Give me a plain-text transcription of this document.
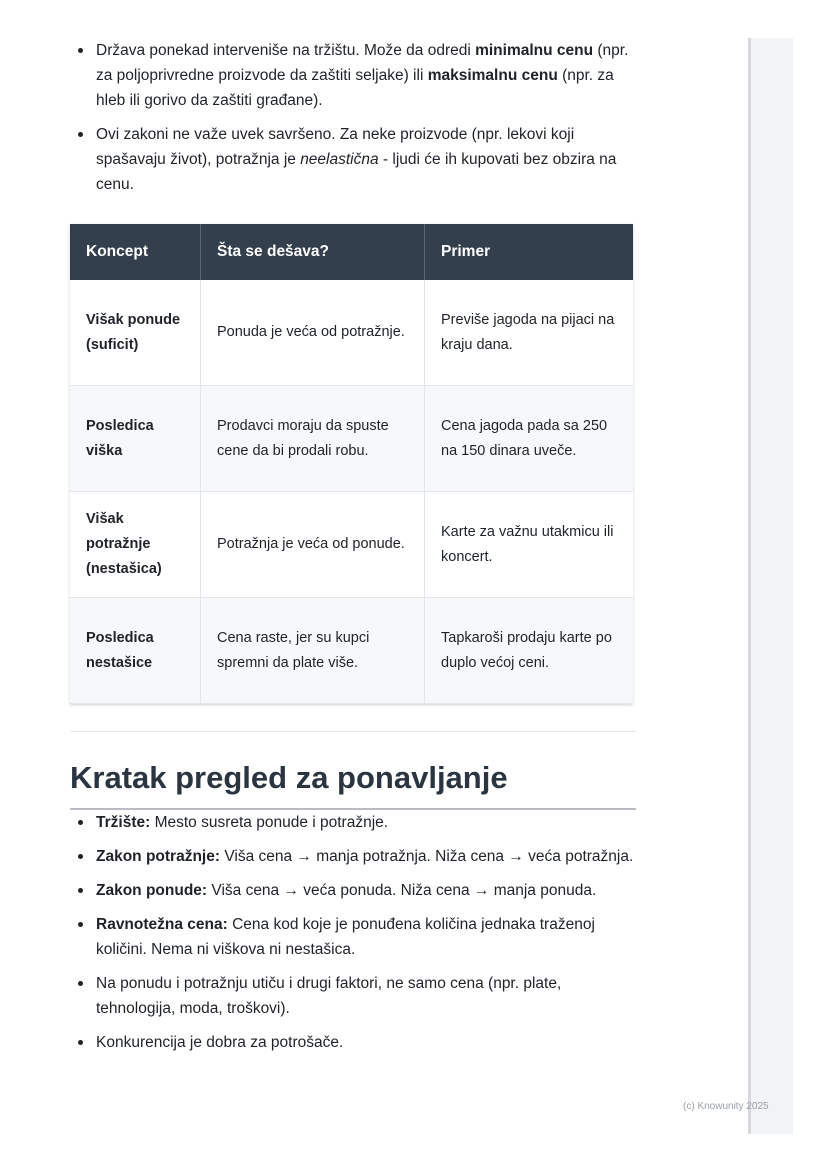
Država ponekad interveniše na tržištu. Može da odredi minimalnu cenu (npr. za poljoprivredne proizvode da zaštiti seljake) ili maksimalnu cenu (npr. za hleb ili gorivo da zaštiti građane).
Ovi zakoni ne važe uvek savršeno. Za neke proizvode (npr. lekovi koji spašavaju život), potražnja je neelastična - ljudi će ih kupovati bez obzira na cenu.
Koncept	Šta se dešava?	Primer
Višak ponude (suficit)	Ponuda je veća od potražnje.	Previše jagoda na pijaci na kraju dana.
Posledica viška	Prodavci moraju da spuste cene da bi prodali robu.	Cena jagoda pada sa 250 na 150 dinara uveče.
Višak potražnje (nestašica)	Potražnja je veća od ponude.	Karte za važnu utakmicu ili koncert.
Posledica nestašice	Cena raste, jer su kupci spremni da plate više.	Tapkaroši prodaju karte po duplo većoj ceni.
Kratak pregled za ponavljanje
Tržište: Mesto susreta ponude i potražnje.
Zakon potražnje: Viša cena → manja potražnja. Niža cena → veća potražnja.
Zakon ponude: Viša cena → veća ponuda. Niža cena → manja ponuda.
Ravnotežna cena: Cena kod koje je ponuđena količina jednaka traženoj količini. Nema ni viškova ni nestašica.
Na ponudu i potražnju utiču i drugi faktori, ne samo cena (npr. plate, tehnologija, moda, troškovi).
Konkurencija je dobra za potrošače.
(c) Knowunity 2025
